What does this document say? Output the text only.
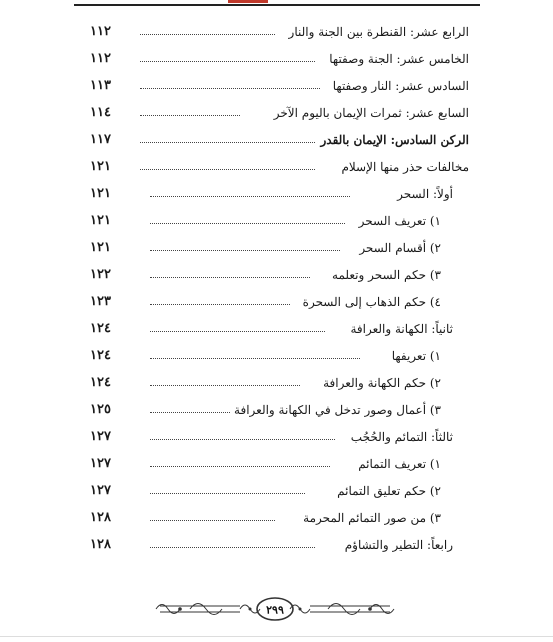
الرابع عشر: القنطرة بين الجنة والنار
١١٢
الخامس عشر: الجنة وصفتها
١١٢
السادس عشر: النار وصفتها
١١٣
السابع عشر: ثمرات الإيمان باليوم الآخر
١١٤
الركن السادس: الإيمان بالقدر
١١٧
مخالفات حذر منها الإسلام
١٢١
أولاً: السحر
١٢١
١) تعريف السحر
١٢١
٢) أقسام السحر
١٢١
٣) حكم السحر وتعلمه
١٢٢
٤) حكم الذهاب إلى السحرة
١٢٣
ثانياً: الكهانة والعرافة
١٢٤
١) تعريفها
١٢٤
٢) حكم الكهانة والعرافة
١٢٤
٣) أعمال وصور تدخل في الكهانة والعرافة
١٢٥
ثالثاً: التمائم والحُجُب
١٢٧
١) تعريف التمائم
١٢٧
٢) حكم تعليق التمائم
١٢٧
٣) من صور التمائم المحرمة
١٢٨
رابعاً: التطير والتشاؤم
١٢٨
٢٩٩
